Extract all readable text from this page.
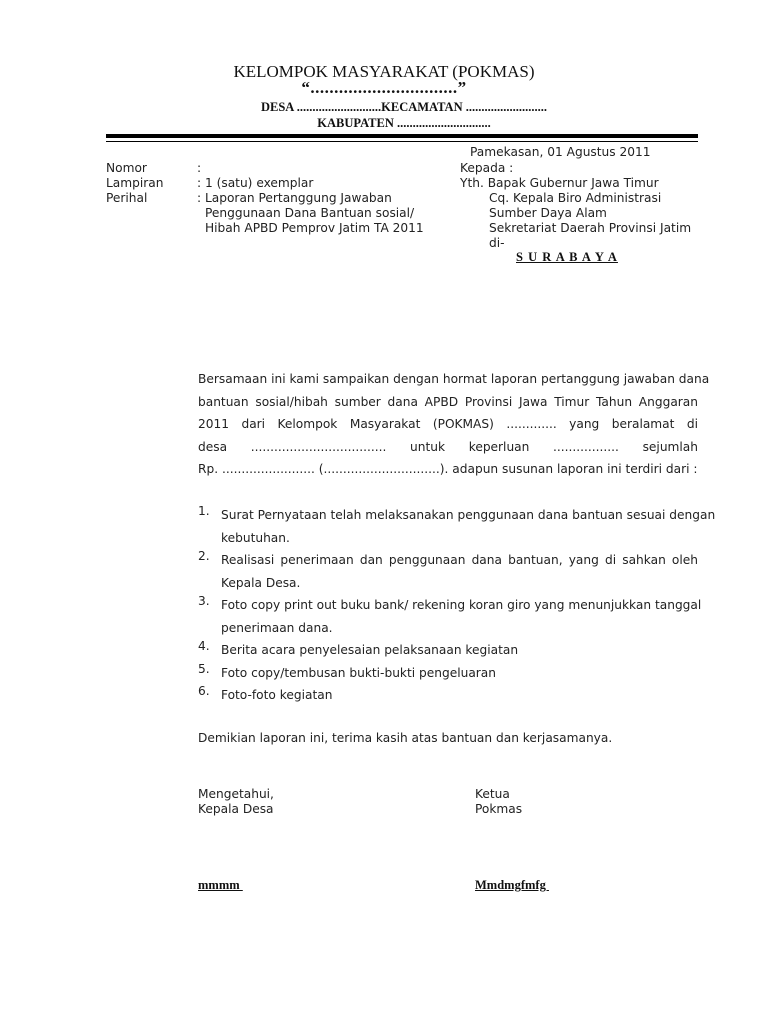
KELOMPOK MASYARAKAT (POKMAS)
“...............................”
DESA ...........................KECAMATAN ..........................
KABUPATEN ..............................
Pamekasan, 01 Agustus 2011
Nomor
Lampiran
Perihal
:
: 1 (satu) exemplar
: Laporan Pertanggung Jawaban
Penggunaan Dana Bantuan sosial/
Hibah APBD Pemprov Jatim TA 2011
Kepada :
Yth. Bapak Gubernur Jawa Timur
Cq. Kepala Biro Administrasi
Sumber Daya Alam
Sekretariat Daerah Provinsi Jatim
di-
S U R A B A Y A
Bersamaan ini kami sampaikan dengan hormat laporan pertanggung jawaban dana
bantuan sosial/hibah sumber dana APBD Provinsi Jawa Timur Tahun Anggaran
2011 dari Kelompok Masyarakat (POKMAS) ............. yang beralamat di
desa ................................... untuk keperluan ................. sejumlah
Rp. ........................ (..............................). adapun susunan laporan ini terdiri dari :
1. Surat Pernyataan telah melaksanakan penggunaan dana bantuan sesuai dengan
kebutuhan.
2. Realisasi penerimaan dan penggunaan dana bantuan, yang di sahkan oleh
Kepala Desa.
3. Foto copy print out buku bank/ rekening koran giro yang menunjukkan tanggal
penerimaan dana.
4. Berita acara penyelesaian pelaksanaan kegiatan
5. Foto copy/tembusan bukti-bukti pengeluaran
6. Foto-foto kegiatan
Demikian laporan ini, terima kasih atas bantuan dan kerjasamanya.
Mengetahui,
Kepala Desa
Ketua
Pokmas
mmmm	Mmdmgfmfg
